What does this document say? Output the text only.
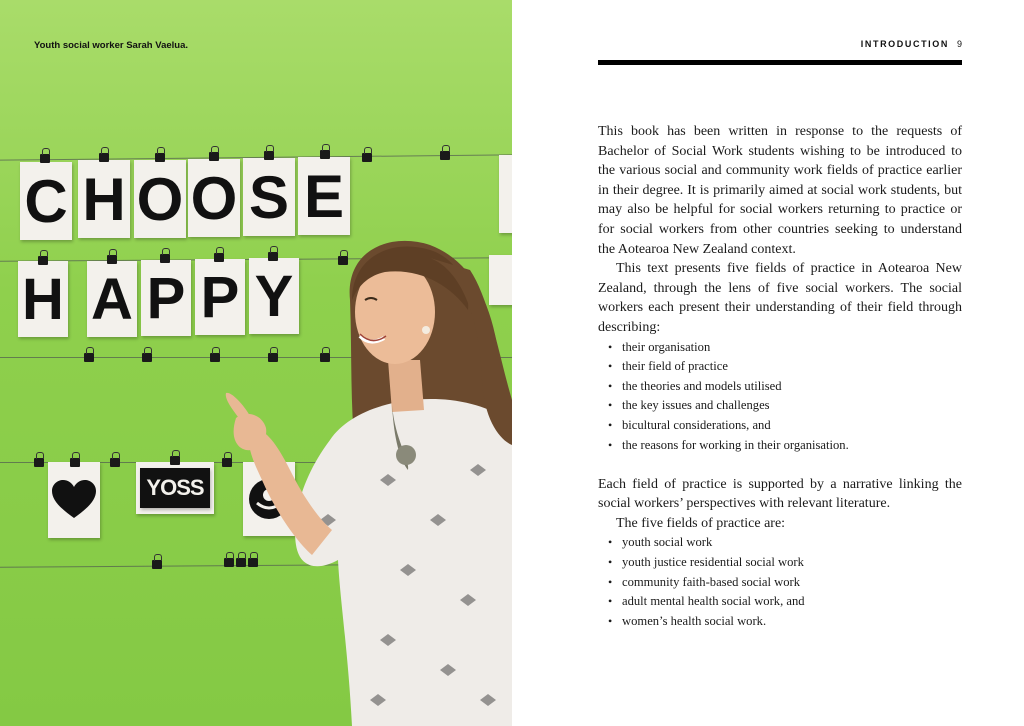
Youth social worker Sarah Vaelua.
C H O O S E
H A P P Y
YOSS
INTRODUCTION 9

This book has been written in response to the requests of Bachelor of Social Work students wishing to be introduced to the various social and community work fields of practice earlier in their degree. It is primarily aimed at social work students, but may also be helpful for social workers returning to practice or for social workers from other countries seeking to understand the Aotearoa New Zealand context.

This text presents five fields of practice in Aotearoa New Zealand, through the lens of five social workers. The social workers each present their understanding of their field through describing:

• their organisation
• their field of practice
• the theories and models utilised
• the key issues and challenges
• bicultural considerations, and
• the reasons for working in their organisation.

Each field of practice is supported by a narrative linking the social workers’ perspectives with relevant literature.

The five fields of practice are:

• youth social work
• youth justice residential social work
• community faith-based social work
• adult mental health social work, and
• women’s health social work.
